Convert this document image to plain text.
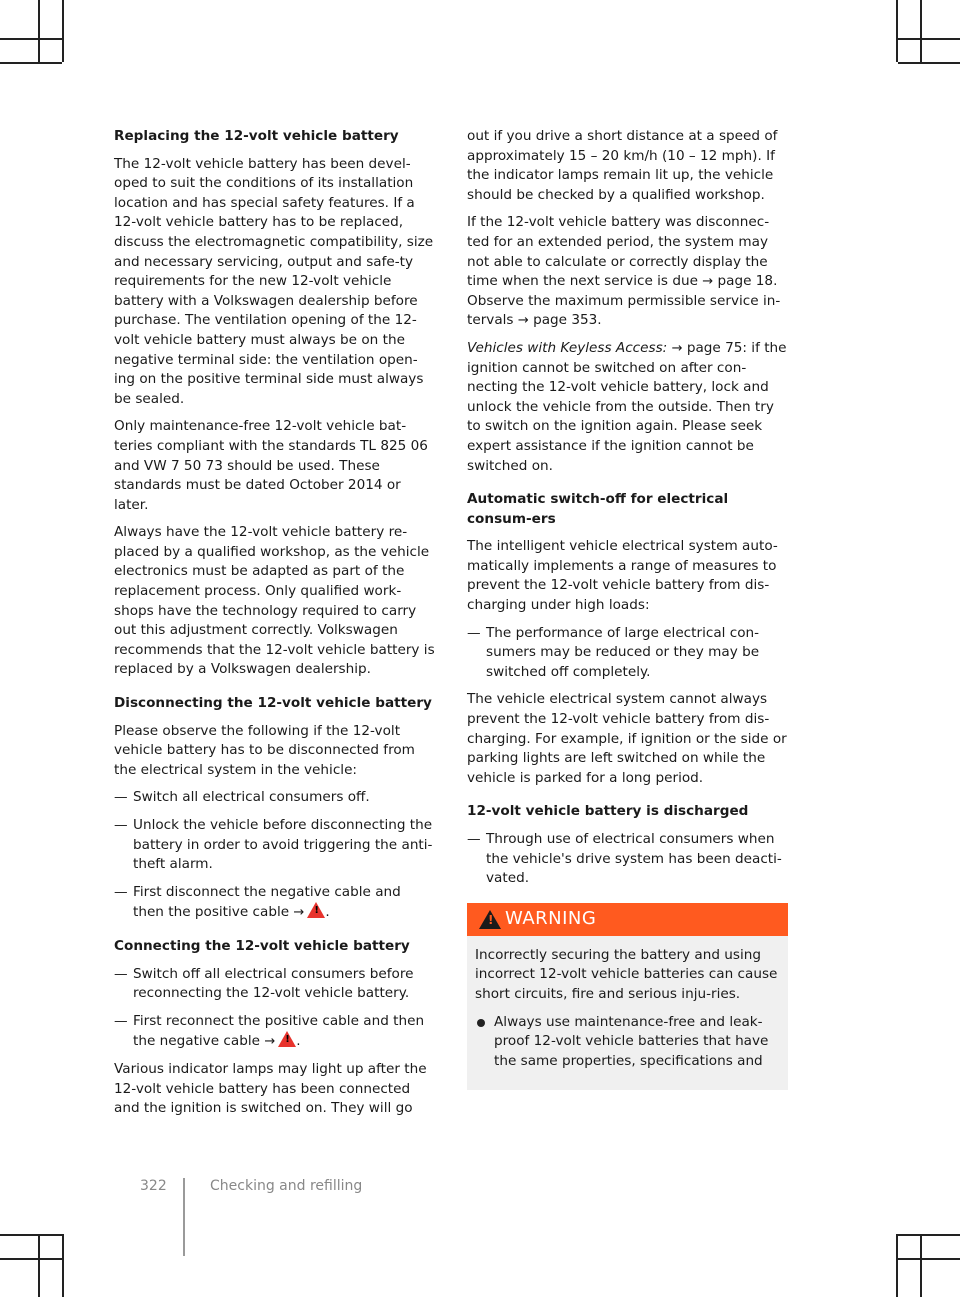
Replacing the 12-volt vehicle battery

The 12-volt vehicle battery has been devel-oped to suit the conditions of its installation location and has special safety features. If a 12-volt vehicle battery has to be replaced, discuss the electromagnetic compatibility, size and necessary servicing, output and safe-ty requirements for the new 12-volt vehicle battery with a Volkswagen dealership before purchase. The ventilation opening of the 12-volt vehicle battery must always be on the negative terminal side: the ventilation open-ing on the positive terminal side must always be sealed.

Only maintenance-free 12-volt vehicle bat-teries compliant with the standards TL 825 06 and VW 7 50 73 should be used. These standards must be dated October 2014 or later.

Always have the 12-volt vehicle battery re-placed by a qualified workshop, as the vehicle electronics must be adapted as part of the replacement process. Only qualified work-shops have the technology required to carry out this adjustment correctly. Volkswagen recommends that the 12-volt vehicle battery is replaced by a Volkswagen dealership.

Disconnecting the 12-volt vehicle battery

Please observe the following if the 12-volt vehicle battery has to be disconnected from the electrical system in the vehicle:

— Switch all electrical consumers off.
— Unlock the vehicle before disconnecting the battery in order to avoid triggering the anti-theft alarm.
— First disconnect the negative cable and then the positive cable → ! .
Connecting the 12-volt vehicle battery
— Switch off all electrical consumers before reconnecting the 12-volt vehicle battery.
— First reconnect the positive cable and then the negative cable → ! .

Various indicator lamps may light up after the 12-volt vehicle battery has been connected and the ignition is switched on. They will go

out if you drive a short distance at a speed of approximately 15 – 20 km/h (10 – 12 mph). If the indicator lamps remain lit up, the vehicle should be checked by a qualified workshop.

If the 12-volt vehicle battery was disconnec-ted for an extended period, the system may not able to calculate or correctly display the time when the next service is due → page 18. Observe the maximum permissible service in-tervals → page 353.

Vehicles with Keyless Access: → page 75: if the ignition cannot be switched on after con-necting the 12-volt vehicle battery, lock and unlock the vehicle from the outside. Then try to switch on the ignition again. Please seek expert assistance if the ignition cannot be switched on.

Automatic switch-off for electrical consum-ers

The intelligent vehicle electrical system auto-matically implements a range of measures to prevent the 12-volt vehicle battery from dis-charging under high loads:

— The performance of large electrical con-sumers may be reduced or they may be switched off completely.

The vehicle electrical system cannot always prevent the 12-volt vehicle battery from dis-charging. For example, if ignition or the side or parking lights are left switched on while the vehicle is parked for a long period.

12-volt vehicle battery is discharged
— Through use of electrical consumers when the vehicle's drive system has been deacti-vated.
! WARNING

Incorrectly securing the battery and using incorrect 12-volt vehicle batteries can cause short circuits, fire and serious inju-ries.

Always use maintenance-free and leak-proof 12-volt vehicle batteries that have the same properties, specifications and
322	Checking and refilling
